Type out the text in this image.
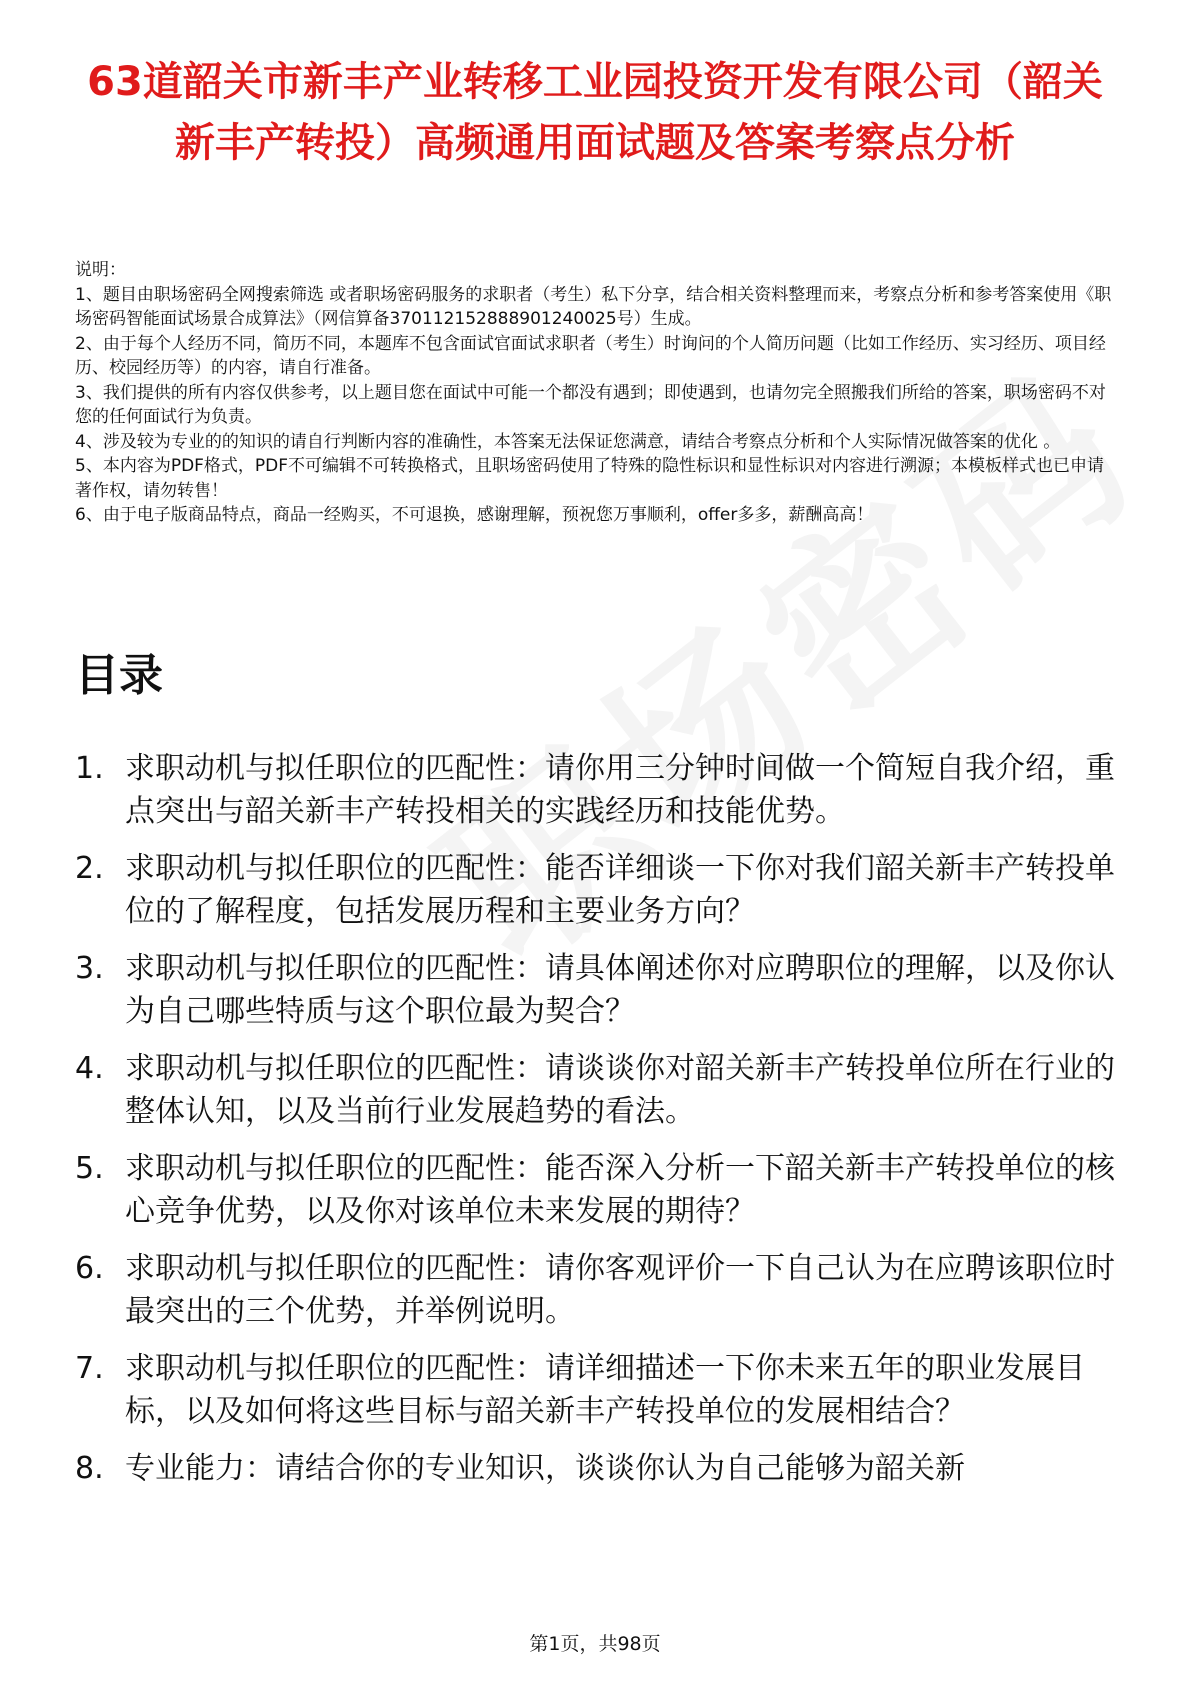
63道韶关市新丰产业转移工业园投资开发有限公司（韶关新丰产转投）高频通用面试题及答案考察点分析

说明：

1、题目由职场密码全网搜索筛选 或者职场密码服务的求职者（考生）私下分享，结合相关资料整理而来，考察点分析和参考答案使用《职场密码智能面试场景合成算法》（网信算备370112152888901240025号）生成。

2、由于每个人经历不同，简历不同，本题库不包含面试官面试求职者（考生）时询问的个人简历问题（比如工作经历、实习经历、项目经历、校园经历等）的内容，请自行准备。

3、我们提供的所有内容仅供参考，以上题目您在面试中可能一个都没有遇到；即使遇到，也请勿完全照搬我们所给的答案，职场密码不对您的任何面试行为负责。

4、涉及较为专业的的知识的请自行判断内容的准确性，本答案无法保证您满意，请结合考察点分析和个人实际情况做答案的优化 。

5、本内容为PDF格式，PDF不可编辑不可转换格式，且职场密码使用了特殊的隐性标识和显性标识对内容进行溯源；本模板样式也已申请著作权，请勿转售！

6、由于电子版商品特点，商品一经购买，不可退换，感谢理解，预祝您万事顺利，offer多多，薪酬高高！

目录
1. 求职动机与拟任职位的匹配性：请你用三分钟时间做一个简短自我介绍，重点突出与韶关新丰产转投相关的实践经历和技能优势。
2. 求职动机与拟任职位的匹配性：能否详细谈一下你对我们韶关新丰产转投单位的了解程度，包括发展历程和主要业务方向？
3. 求职动机与拟任职位的匹配性：请具体阐述你对应聘职位的理解，以及你认为自己哪些特质与这个职位最为契合？
4. 求职动机与拟任职位的匹配性：请谈谈你对韶关新丰产转投单位所在行业的整体认知，以及当前行业发展趋势的看法。
5. 求职动机与拟任职位的匹配性：能否深入分析一下韶关新丰产转投单位的核心竞争优势，以及你对该单位未来发展的期待？
6. 求职动机与拟任职位的匹配性：请你客观评价一下自己认为在应聘该职位时最突出的三个优势，并举例说明。
7. 求职动机与拟任职位的匹配性：请详细描述一下你未来五年的职业发展目标，以及如何将这些目标与韶关新丰产转投单位的发展相结合？
8. 专业能力：请结合你的专业知识，谈谈你认为自己能够为韶关新
第1页，共98页
